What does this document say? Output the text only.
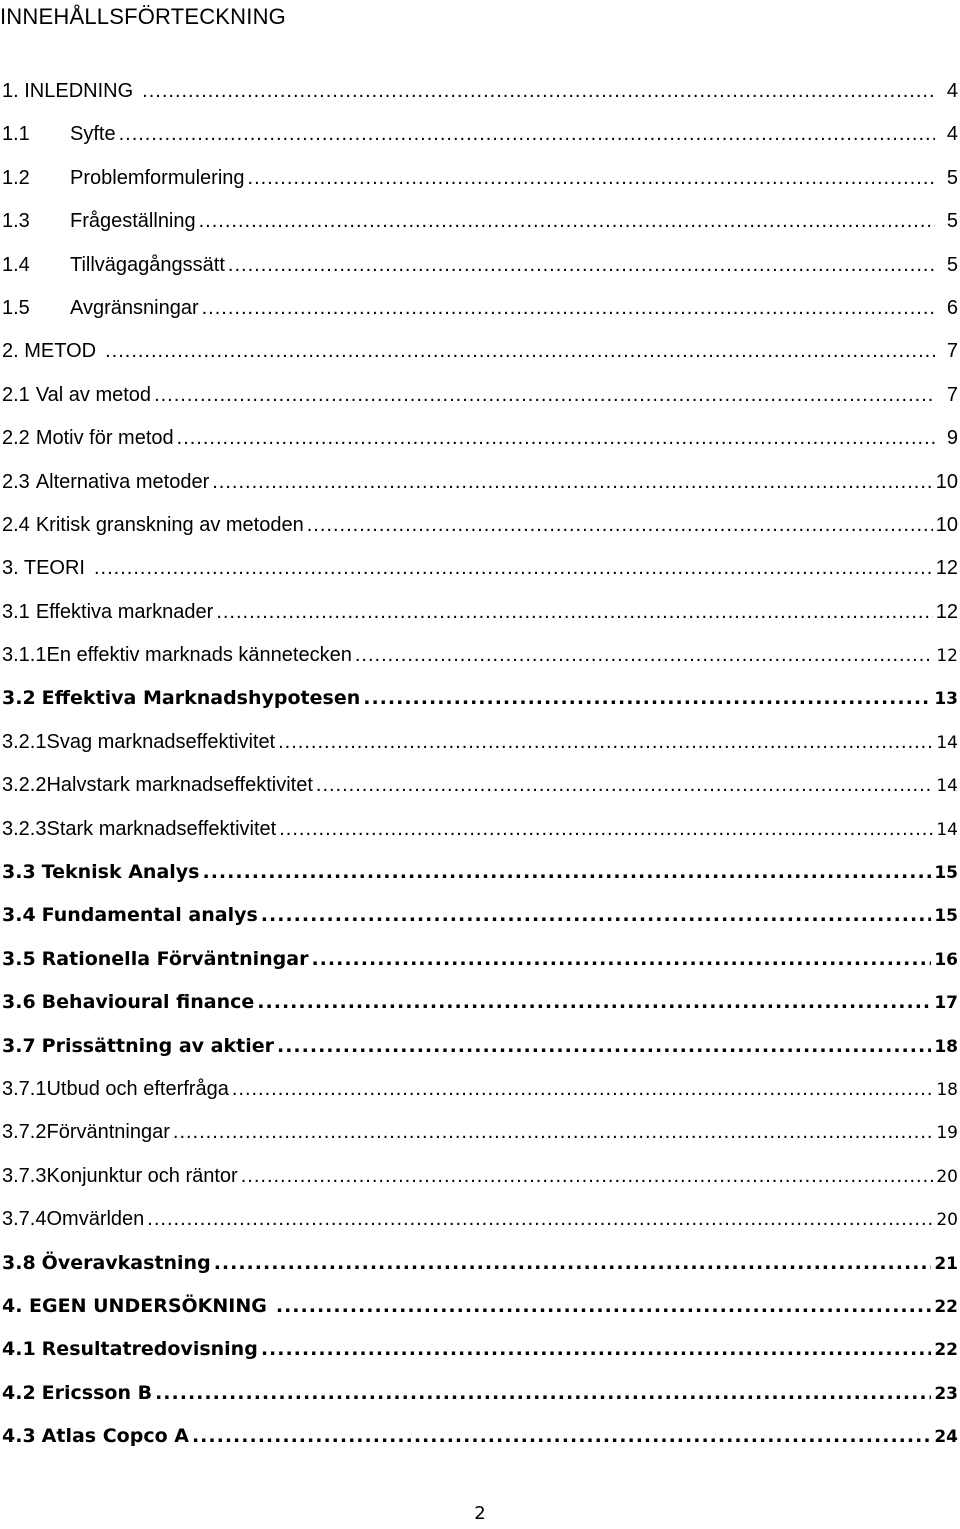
INNEHÅLLSFÖRTECKNING
1. INLEDNING .....	4
1.1	Syfte .....	4
1.2	Problemformulering .....	5
1.3	Frågeställning .....	5
1.4	Tillvägagångssätt .....	5
1.5	Avgränsningar .....	6
2. METOD .....	7
2.1 Val av metod .....	7
2.2 Motiv för metod .....	9
2.3 Alternativa metoder .....	10
2.4 Kritisk granskning av metoden .....	10
3. TEORI .....	12
3.1 Effektiva marknader .....	12
3.1.1 En effektiv marknads kännetecken .....	12
3.2 Effektiva Marknadshypotesen .....	13
3.2.1 Svag marknadseffektivitet .....	14
3.2.2 Halvstark marknadseffektivitet .....	14
3.2.3 Stark marknadseffektivitet .....	14
3.3 Teknisk Analys .....	15
3.4 Fundamental analys .....	15
3.5 Rationella Förväntningar .....	16
3.6 Behavioural finance .....	17
3.7 Prissättning av aktier .....	18
3.7.1 Utbud och efterfråga .....	18
3.7.2 Förväntningar .....	19
3.7.3 Konjunktur och räntor .....	20
3.7.4 Omvärlden .....	20
3.8 Överavkastning .....	21
4. EGEN UNDERSÖKNING .....	22
4.1 Resultatredovisning .....	22
4.2 Ericsson B .....	23
4.3 Atlas Copco A .....	24
2
